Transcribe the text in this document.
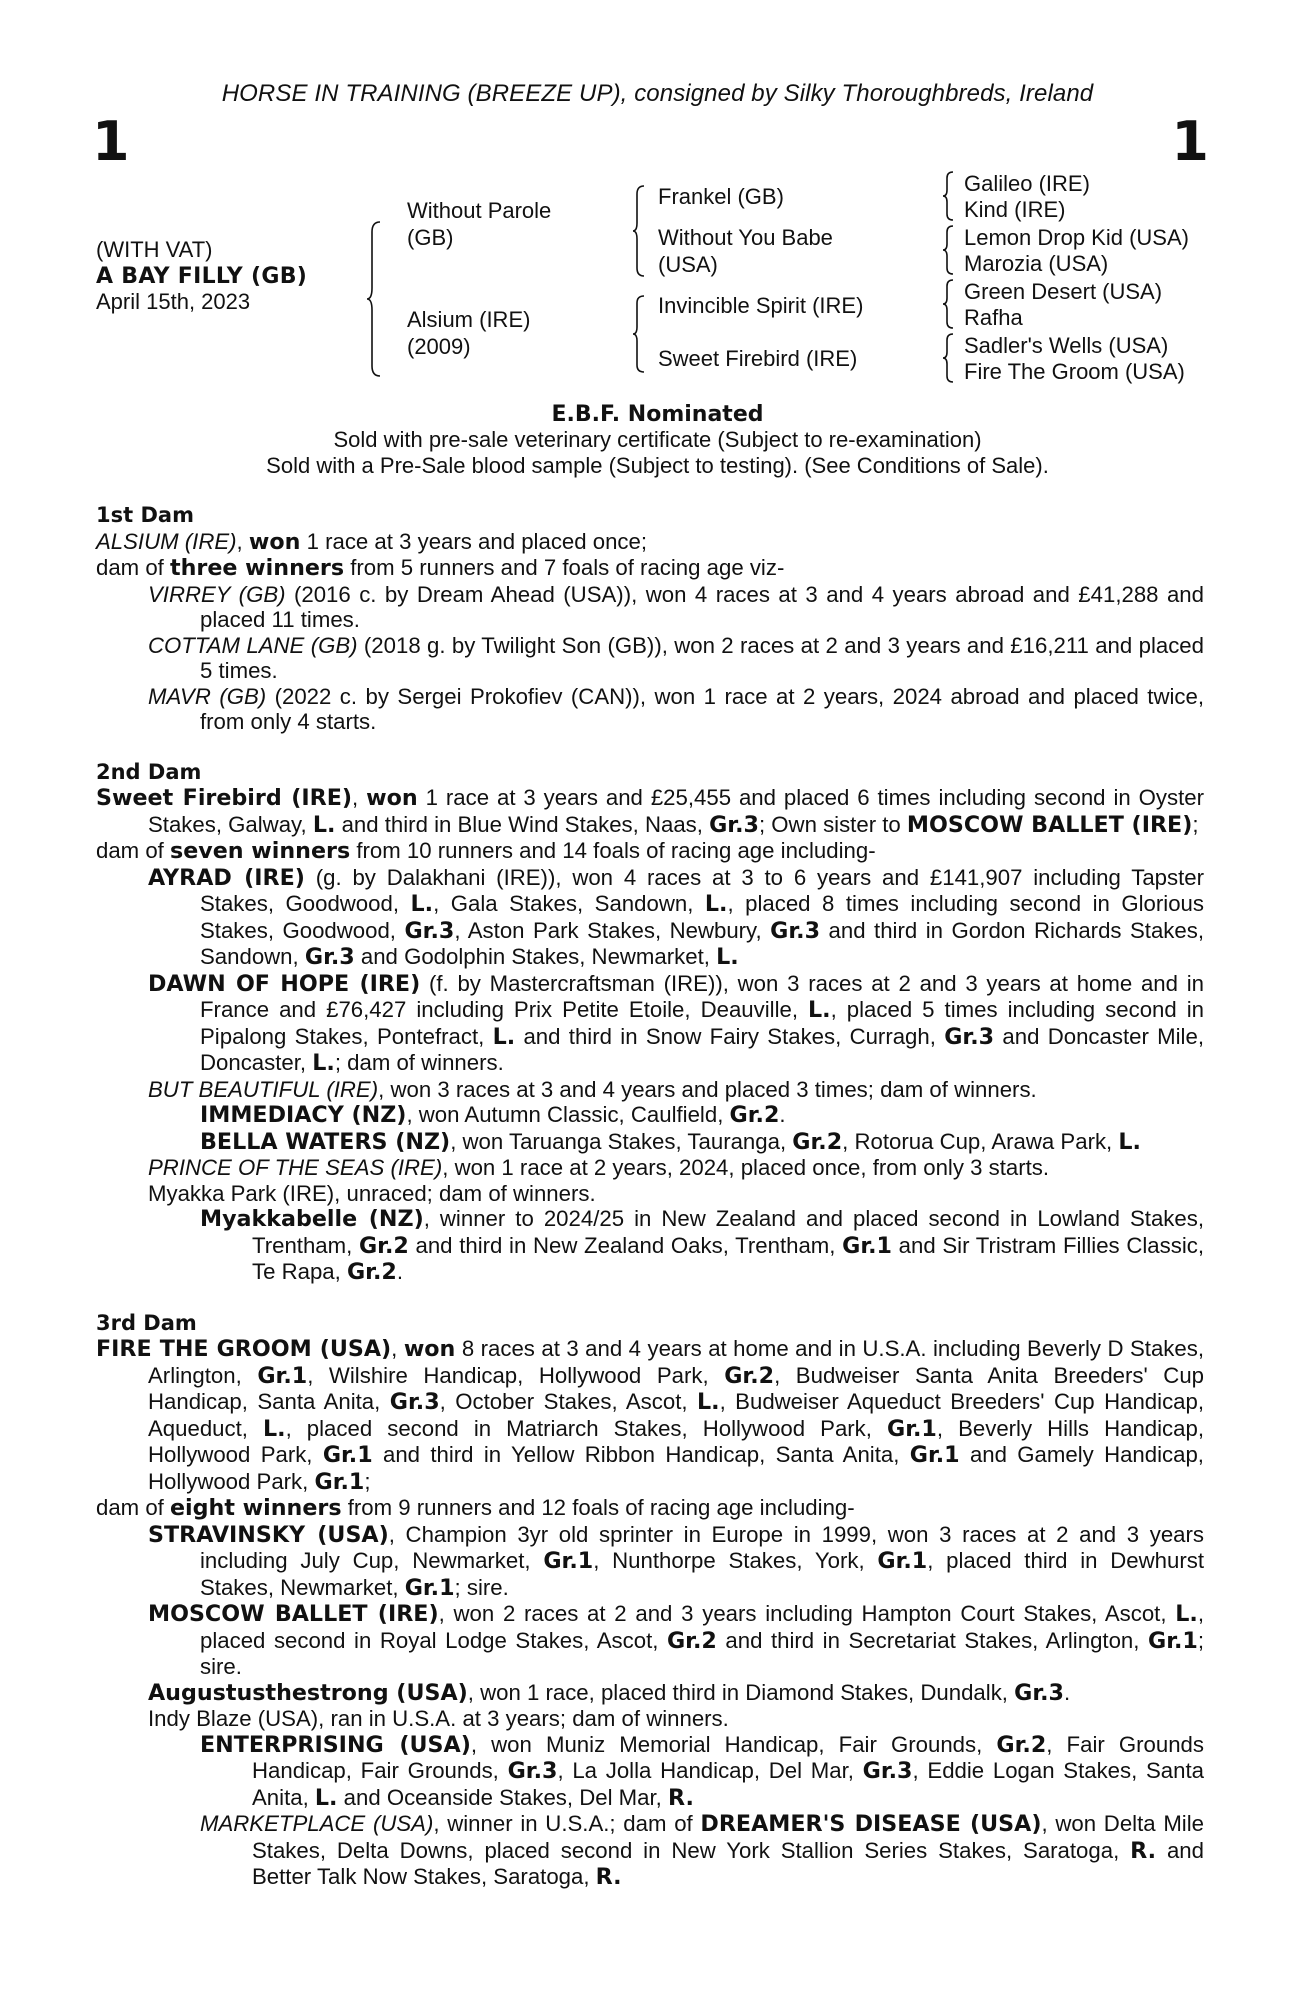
HORSE IN TRAINING (BREEZE UP), consigned by Silky Thoroughbreds, Ireland
1	1
(WITH VAT)
A BAY FILLY (GB)
April 15th, 2023
Without Parole
(GB)
Alsium (IRE)
(2009)
Frankel (GB)
Without You Babe
(USA)
Invincible Spirit (IRE)
Sweet Firebird (IRE)
Galileo (IRE)
Kind (IRE)
Lemon Drop Kid (USA)
Marozia (USA)
Green Desert (USA)
Rafha
Sadler's Wells (USA)
Fire The Groom (USA)
E.B.F. Nominated
Sold with pre-sale veterinary certificate (Subject to re-examination)
Sold with a Pre-Sale blood sample (Subject to testing). (See Conditions of Sale).

1st Dam

ALSIUM (IRE), won 1 race at 3 years and placed once;

dam of three winners from 5 runners and 7 foals of racing age viz-

VIRREY (GB) (2016 c. by Dream Ahead (USA)), won 4 races at 3 and 4 years abroad and £41,288 and placed 11 times.

COTTAM LANE (GB) (2018 g. by Twilight Son (GB)), won 2 races at 2 and 3 years and £16,211 and placed 5 times.

MAVR (GB) (2022 c. by Sergei Prokofiev (CAN)), won 1 race at 2 years, 2024 abroad and placed twice, from only 4 starts.

2nd Dam

Sweet Firebird (IRE), won 1 race at 3 years and £25,455 and placed 6 times including second in Oyster Stakes, Galway, L. and third in Blue Wind Stakes, Naas, Gr.3; Own sister to MOSCOW BALLET (IRE);

dam of seven winners from 10 runners and 14 foals of racing age including-

AYRAD (IRE) (g. by Dalakhani (IRE)), won 4 races at 3 to 6 years and £141,907 including Tapster Stakes, Goodwood, L., Gala Stakes, Sandown, L., placed 8 times including second in Glorious Stakes, Goodwood, Gr.3, Aston Park Stakes, Newbury, Gr.3 and third in Gordon Richards Stakes, Sandown, Gr.3 and Godolphin Stakes, Newmarket, L.

DAWN OF HOPE (IRE) (f. by Mastercraftsman (IRE)), won 3 races at 2 and 3 years at home and in France and £76,427 including Prix Petite Etoile, Deauville, L., placed 5 times including second in Pipalong Stakes, Pontefract, L. and third in Snow Fairy Stakes, Curragh, Gr.3 and Doncaster Mile, Doncaster, L.; dam of winners.

BUT BEAUTIFUL (IRE), won 3 races at 3 and 4 years and placed 3 times; dam of winners.

IMMEDIACY (NZ), won Autumn Classic, Caulfield, Gr.2.

BELLA WATERS (NZ), won Taruanga Stakes, Tauranga, Gr.2, Rotorua Cup, Arawa Park, L.

PRINCE OF THE SEAS (IRE), won 1 race at 2 years, 2024, placed once, from only 3 starts.

Myakka Park (IRE), unraced; dam of winners.

Myakkabelle (NZ), winner to 2024/25 in New Zealand and placed second in Lowland Stakes, Trentham, Gr.2 and third in New Zealand Oaks, Trentham, Gr.1 and Sir Tristram Fillies Classic, Te Rapa, Gr.2.

3rd Dam

FIRE THE GROOM (USA), won 8 races at 3 and 4 years at home and in U.S.A. including Beverly D Stakes, Arlington, Gr.1, Wilshire Handicap, Hollywood Park, Gr.2, Budweiser Santa Anita Breeders' Cup Handicap, Santa Anita, Gr.3, October Stakes, Ascot, L., Budweiser Aqueduct Breeders' Cup Handicap, Aqueduct, L., placed second in Matriarch Stakes, Hollywood Park, Gr.1, Beverly Hills Handicap, Hollywood Park, Gr.1 and third in Yellow Ribbon Handicap, Santa Anita, Gr.1 and Gamely Handicap, Hollywood Park, Gr.1;

dam of eight winners from 9 runners and 12 foals of racing age including-

STRAVINSKY (USA), Champion 3yr old sprinter in Europe in 1999, won 3 races at 2 and 3 years including July Cup, Newmarket, Gr.1, Nunthorpe Stakes, York, Gr.1, placed third in Dewhurst Stakes, Newmarket, Gr.1; sire.

MOSCOW BALLET (IRE), won 2 races at 2 and 3 years including Hampton Court Stakes, Ascot, L., placed second in Royal Lodge Stakes, Ascot, Gr.2 and third in Secretariat Stakes, Arlington, Gr.1; sire.

Augustusthestrong (USA), won 1 race, placed third in Diamond Stakes, Dundalk, Gr.3.

Indy Blaze (USA), ran in U.S.A. at 3 years; dam of winners.

ENTERPRISING (USA), won Muniz Memorial Handicap, Fair Grounds, Gr.2, Fair Grounds Handicap, Fair Grounds, Gr.3, La Jolla Handicap, Del Mar, Gr.3, Eddie Logan Stakes, Santa Anita, L. and Oceanside Stakes, Del Mar, R.

MARKETPLACE (USA), winner in U.S.A.; dam of DREAMER'S DISEASE (USA), won Delta Mile Stakes, Delta Downs, placed second in New York Stallion Series Stakes, Saratoga, R. and Better Talk Now Stakes, Saratoga, R.
